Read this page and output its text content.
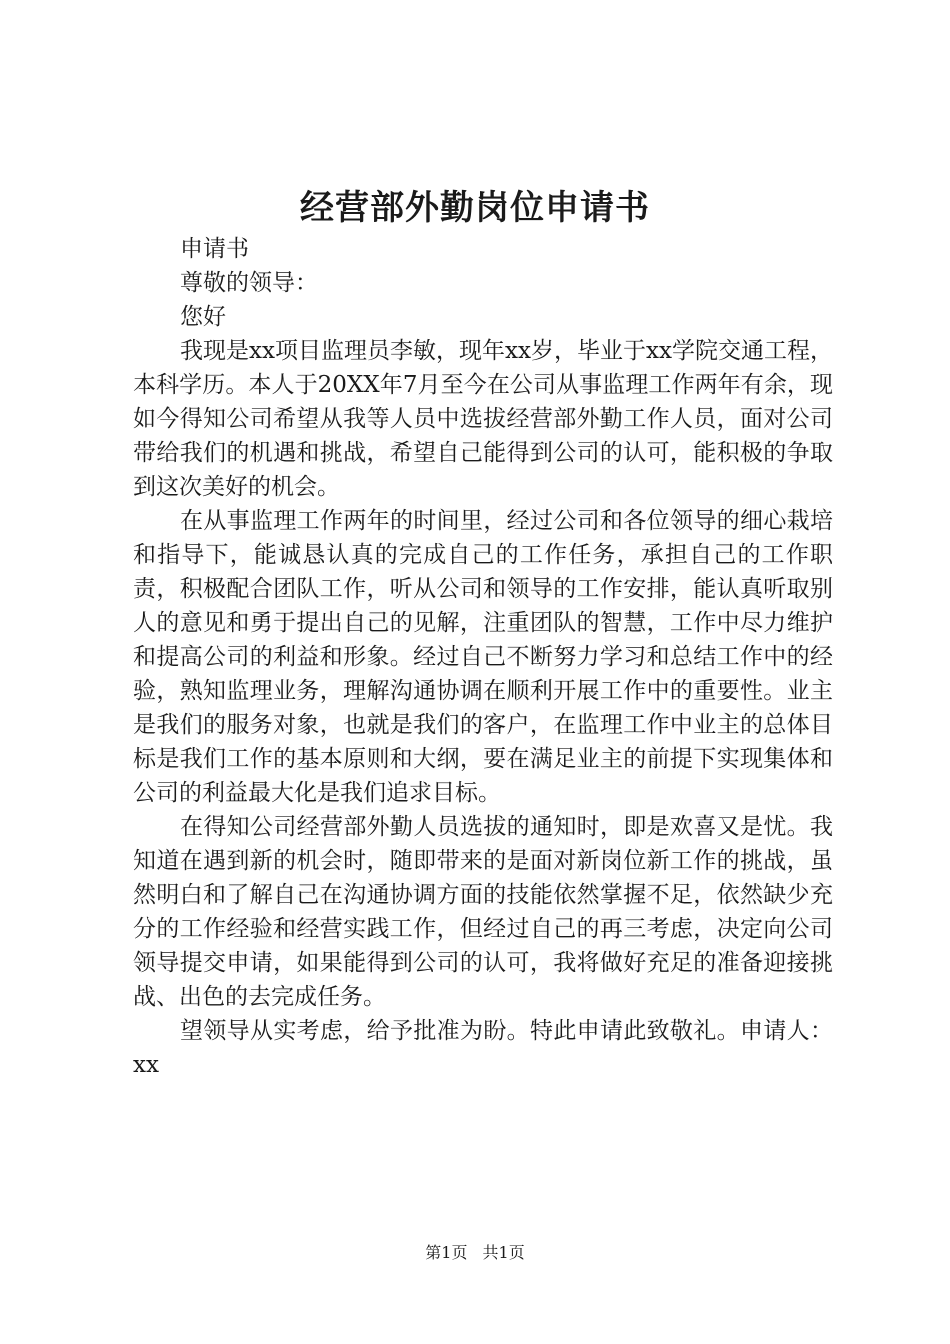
经营部外勤岗位申请书

申请书

尊敬的领导：

您好

我现是xx项目监理员李敏，现年xx岁，毕业于xx学院交通工程，本科学历。本人于20XX年7月至今在公司从事监理工作两年有余，现如今得知公司希望从我等人员中选拔经营部外勤工作人员，面对公司带给我们的机遇和挑战，希望自己能得到公司的认可，能积极的争取到这次美好的机会。

在从事监理工作两年的时间里，经过公司和各位领导的细心栽培和指导下，能诚恳认真的完成自己的工作任务，承担自己的工作职责，积极配合团队工作，听从公司和领导的工作安排，能认真听取别人的意见和勇于提出自己的见解，注重团队的智慧，工作中尽力维护和提高公司的利益和形象。经过自己不断努力学习和总结工作中的经验，熟知监理业务，理解沟通协调在顺利开展工作中的重要性。业主是我们的服务对象，也就是我们的客户，在监理工作中业主的总体目标是我们工作的基本原则和大纲，要在满足业主的前提下实现集体和公司的利益最大化是我们追求目标。

在得知公司经营部外勤人员选拔的通知时，即是欢喜又是忧。我知道在遇到新的机会时，随即带来的是面对新岗位新工作的挑战，虽然明白和了解自己在沟通协调方面的技能依然掌握不足，依然缺少充分的工作经验和经营实践工作，但经过自己的再三考虑，决定向公司领导提交申请，如果能得到公司的认可，我将做好充足的准备迎接挑战、出色的去完成任务。

望领导从实考虑，给予批准为盼。特此申请此致敬礼。申请人：xx

第1页 共1页
